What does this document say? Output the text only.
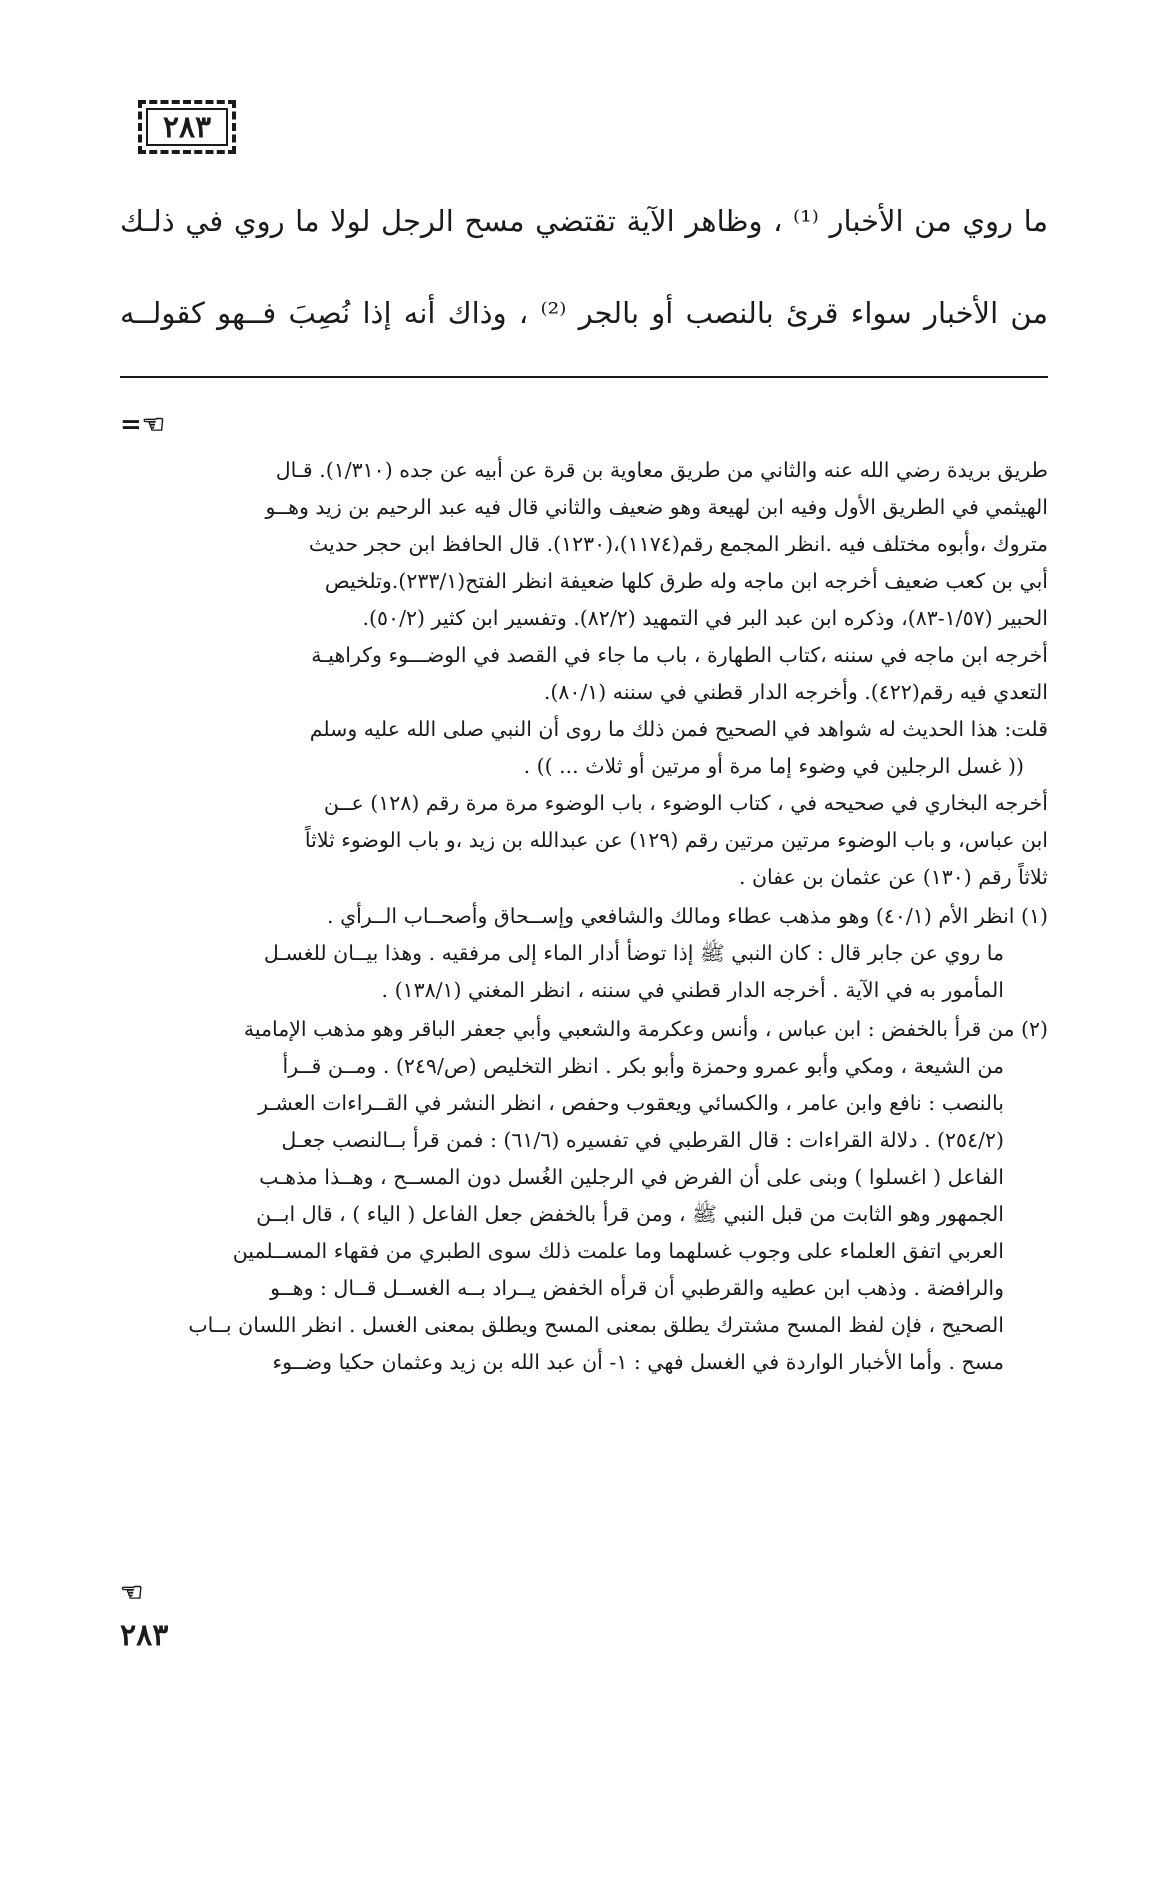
٢٨٣

ما روي من الأخبار ⁽¹⁾ ، وظاهر الآية تقتضي مسح الرجل لولا ما روي في ذلـك

من الأخبار سواء قرئ بالنصب أو بالجر ⁽²⁾ ، وذاك أنه إذا نُصِبَ فــهو كقولــه

=☜

طريق بريدة رضي الله عنه والثاني من طريق معاوية بن قرة عن أبيه عن جده (١/٣١٠). قـال

الهيثمي في الطريق الأول وفيه ابن لهيعة وهو ضعيف والثاني قال فيه عبد الرحيم بن زيد وهــو

متروك ،وأبوه مختلف فيه .انظر المجمع رقم(١١٧٤)،(١٢٣٠). قال الحافظ ابن حجر حديث

أبي بن كعب ضعيف أخرجه ابن ماجه وله طرق كلها ضعيفة انظر الفتح(٢٣٣/١).وتلخيص

الحبير (١/٥٧-٨٣)، وذكره ابن عبد البر في التمهيد (٨٢/٢). وتفسير ابن كثير (٥٠/٢).

أخرجه ابن ماجه في سننه ،كتاب الطهارة ، باب ما جاء في القصد في الوضـــوء وكراهيـة

التعدي فيه رقم(٤٢٢). وأخرجه الدار قطني في سننه (٨٠/١).

قلت: هذا الحديث له شواهد في الصحيح فمن ذلك ما روى أن النبي صلى الله عليه وسلم

(( غسل الرجلين في وضوء إما مرة أو مرتين أو ثلاث ... )) .

أخرجه البخاري في صحيحه في ، كتاب الوضوء ، باب الوضوء مرة مرة رقم (١٢٨) عــن

ابن عباس، و باب الوضوء مرتين مرتين رقم (١٢٩) عن عبدالله بن زيد ،و باب الوضوء ثلاثاً

ثلاثاً رقم (١٣٠) عن عثمان بن عفان .

(١) انظر الأم (٤٠/١) وهو مذهب عطاء ومالك والشافعي وإســحاق وأصحــاب الــرأي .

ما روي عن جابر قال : كان النبي ﷺ إذا توضأ أدار الماء إلى مرفقيه . وهذا بيــان للغسـل

المأمور به في الآية . أخرجه الدار قطني في سننه ، انظر المغني (١٣٨/١) .

(٢) من قرأ بالخفض : ابن عباس ، وأنس وعكرمة والشعبي وأبي جعفر الباقر وهو مذهب الإمامية

من الشيعة ، ومكي وأبو عمرو وحمزة وأبو بكر . انظر التخليص (ص/٢٤٩) . ومــن قــرأ

بالنصب : نافع وابن عامر ، والكسائي ويعقوب وحفص ، انظر النشر في القــراءات العشـر

(٢٥٤/٢) . دلالة القراءات : قال القرطبي في تفسيره (٦١/٦) : فمن قرأ بــالنصب جعـل

الفاعل ( اغسلوا ) وبنى على أن الفرض في الرجلين الغُسل دون المســح ، وهــذا مذهـب

الجمهور وهو الثابت من قبل النبي ﷺ ، ومن قرأ بالخفض جعل الفاعل ( الياء ) ، قال ابــن

العربي اتفق العلماء على وجوب غسلهما وما علمت ذلك سوى الطبري من فقهاء المســلمين

والرافضة . وذهب ابن عطيه والقرطبي أن قرأه الخفض يــراد بــه الغســل قــال : وهــو

الصحيح ، فإن لفظ المسح مشترك يطلق بمعنى المسح ويطلق بمعنى الغسل . انظر اللسان بــاب

مسح . وأما الأخبار الواردة في الغسل فهي : ١- أن عبد الله بن زيد وعثمان حكيا وضــوء

☜
٢٨٣
